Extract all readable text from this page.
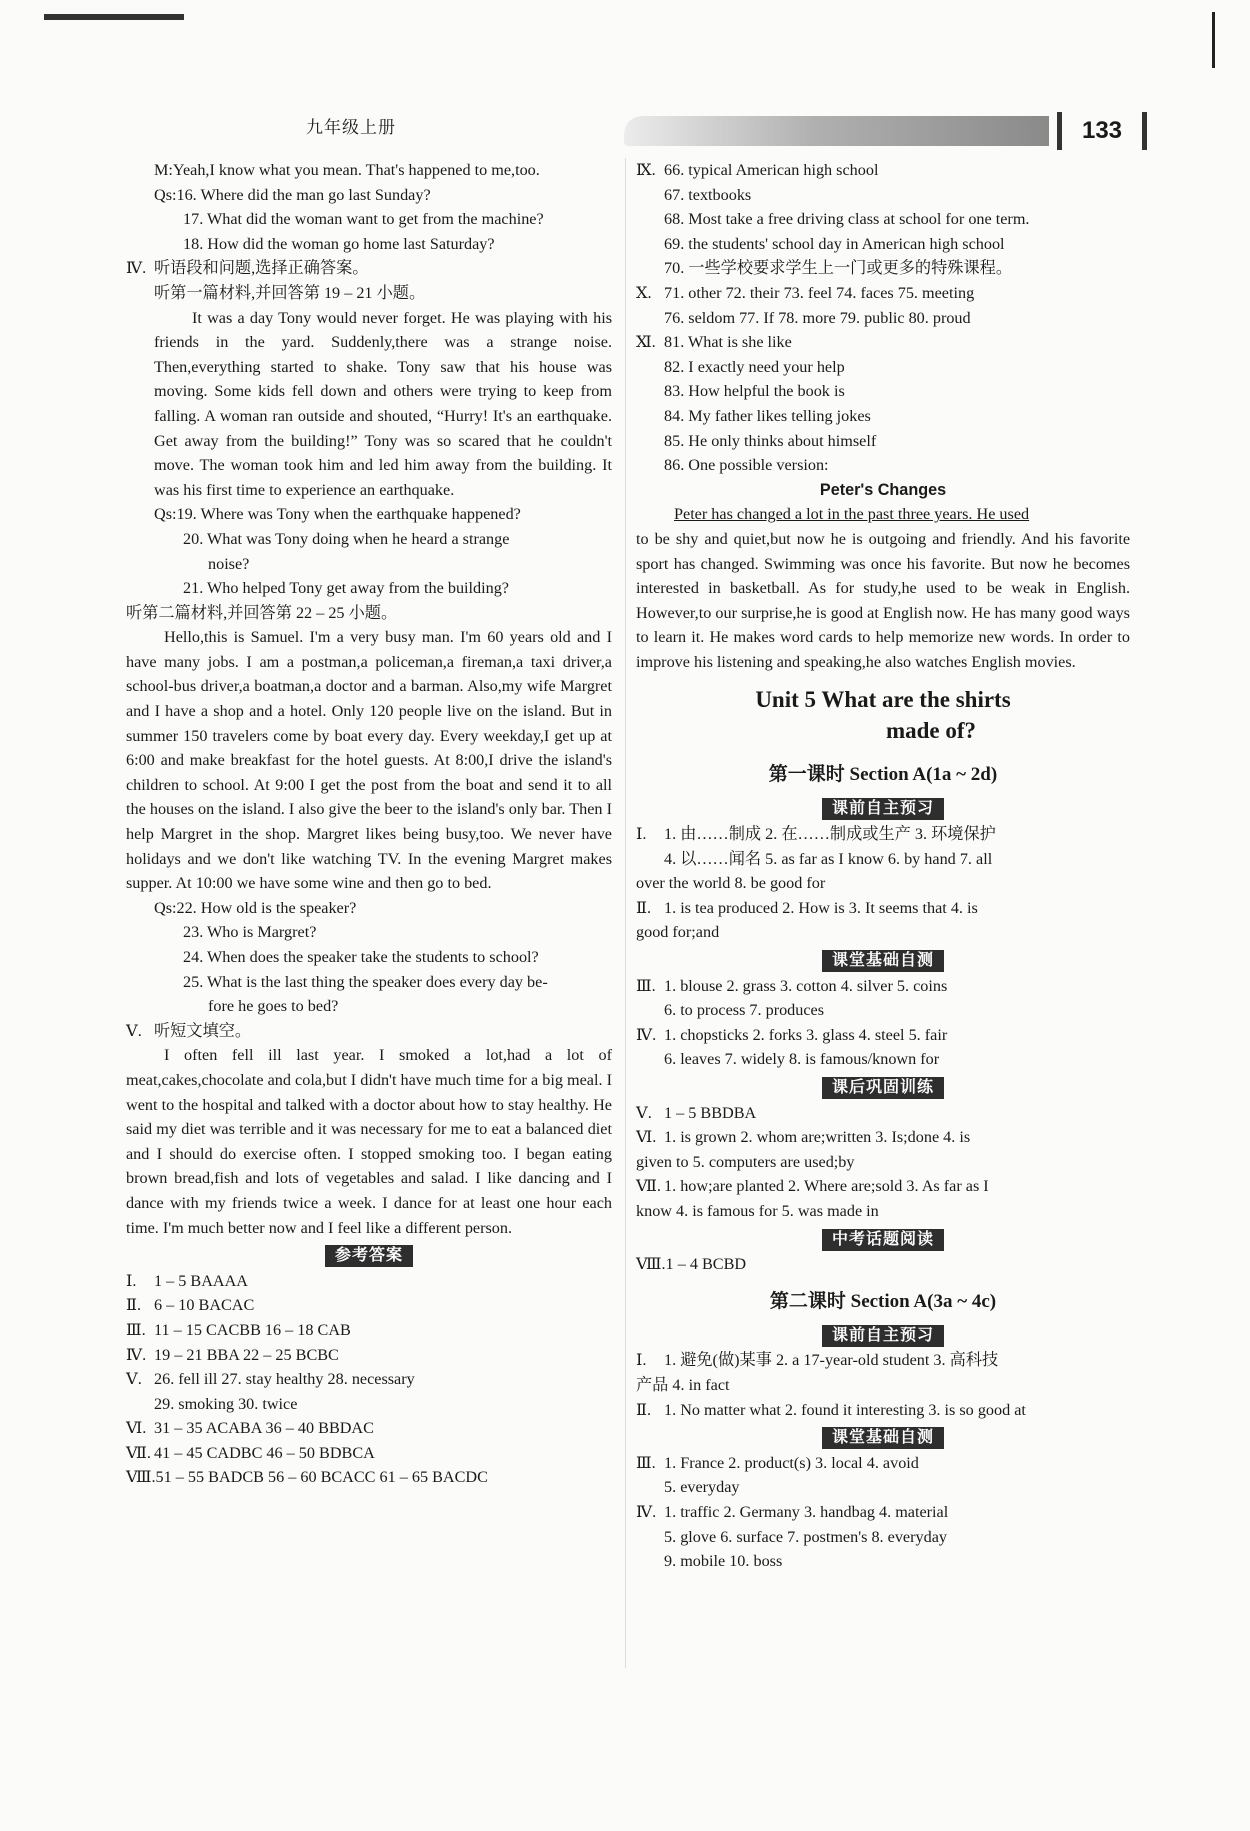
九年级上册	133
M:Yeah,I know what you mean. That's happened to me,too.
Qs:16. Where did the man go last Sunday?
17. What did the woman want to get from the machine?
18. How did the woman go home last Saturday?
Ⅳ. 听语段和问题,选择正确答案。
听第一篇材料,并回答第 19 – 21 小题。
It was a day Tony would never forget. He was playing with his friends in the yard. Suddenly,there was a strange noise. Then,everything started to shake. Tony saw that his house was moving. Some kids fell down and others were trying to keep from falling. A woman ran outside and shouted, “Hurry! It's an earthquake. Get away from the building!” Tony was so scared that he couldn't move. The woman took him and led him away from the building. It was his first time to experience an earthquake.
Qs:19. Where was Tony when the earthquake happened?
20. What was Tony doing when he heard a strange
noise?
21. Who helped Tony get away from the building?
听第二篇材料,并回答第 22 – 25 小题。
Hello,this is Samuel. I'm a very busy man. I'm 60 years old and I have many jobs. I am a postman,a policeman,a fireman,a taxi driver,a school-bus driver,a boatman,a doctor and a barman. Also,my wife Margret and I have a shop and a hotel. Only 120 people live on the island. But in summer 150 travelers come by boat every day. Every weekday,I get up at 6:00 and make breakfast for the hotel guests. At 8:00,I drive the island's children to school. At 9:00 I get the post from the boat and send it to all the houses on the island. I also give the beer to the island's only bar. Then I help Margret in the shop. Margret likes being busy,too. We never have holidays and we don't like watching TV. In the evening Margret makes supper. At 10:00 we have some wine and then go to bed.
Qs:22. How old is the speaker?
23. Who is Margret?
24. When does the speaker take the students to school?
25. What is the last thing the speaker does every day be-
fore he goes to bed?
Ⅴ. 听短文填空。
I often fell ill last year. I smoked a lot,had a lot of meat,cakes,chocolate and cola,but I didn't have much time for a big meal. I went to the hospital and talked with a doctor about how to stay healthy. He said my diet was terrible and it was necessary for me to eat a balanced diet and I should do exercise often. I stopped smoking too. I began eating brown bread,fish and lots of vegetables and salad. I like dancing and I dance with my friends twice a week. I dance for at least one hour each time. I'm much better now and I feel like a different person.
参考答案
Ⅰ. 1 – 5 BAAAA
Ⅱ. 6 – 10 BACAC
Ⅲ. 11 – 15 CACBB 16 – 18 CAB
Ⅳ. 19 – 21 BBA 22 – 25 BCBC
Ⅴ. 26. fell ill 27. stay healthy 28. necessary
29. smoking 30. twice
Ⅵ. 31 – 35 ACABA 36 – 40 BBDAC
Ⅶ. 41 – 45 CADBC 46 – 50 BDBCA
Ⅷ.51 – 55 BADCB 56 – 60 BCACC 61 – 65 BACDC
Ⅸ. 66. typical American high school
67. textbooks
68. Most take a free driving class at school for one term.
69. the students' school day in American high school
70. 一些学校要求学生上一门或更多的特殊课程。
Ⅹ. 71. other 72. their 73. feel 74. faces 75. meeting
76. seldom 77. If 78. more 79. public 80. proud
Ⅺ. 81. What is she like
82. I exactly need your help
83. How helpful the book is
84. My father likes telling jokes
85. He only thinks about himself
86. One possible version:
Peter's Changes
Peter has changed a lot in the past three years. He used
to be shy and quiet,but now he is outgoing and friendly. And his favorite sport has changed. Swimming was once his favorite. But now he becomes interested in basketball. As for study,he used to be weak in English. However,to our surprise,he is good at English now. He has many good ways to learn it. He makes word cards to help memorize new words. In order to improve his listening and speaking,he also watches English movies.
Unit 5 What are the shirts
made of?
第一课时 Section A(1a ~ 2d)
课前自主预习
Ⅰ. 1. 由……制成 2. 在……制成或生产 3. 环境保护
4. 以……闻名 5. as far as I know 6. by hand 7. all
over the world 8. be good for
Ⅱ. 1. is tea produced 2. How is 3. It seems that 4. is
good for;and
课堂基础自测
Ⅲ. 1. blouse 2. grass 3. cotton 4. silver 5. coins
6. to process 7. produces
Ⅳ. 1. chopsticks 2. forks 3. glass 4. steel 5. fair
6. leaves 7. widely 8. is famous/known for
课后巩固训练
Ⅴ. 1 – 5 BBDBA
Ⅵ. 1. is grown 2. whom are;written 3. Is;done 4. is
given to 5. computers are used;by
Ⅶ. 1. how;are planted 2. Where are;sold 3. As far as I
know 4. is famous for 5. was made in
中考话题阅读
Ⅷ.1 – 4 BCBD
第二课时 Section A(3a ~ 4c)
课前自主预习
Ⅰ. 1. 避免(做)某事 2. a 17-year-old student 3. 高科技
产品 4. in fact
Ⅱ. 1. No matter what 2. found it interesting 3. is so good at
课堂基础自测
Ⅲ. 1. France 2. product(s) 3. local 4. avoid
5. everyday
Ⅳ. 1. traffic 2. Germany 3. handbag 4. material
5. glove 6. surface 7. postmen's 8. everyday
9. mobile 10. boss
